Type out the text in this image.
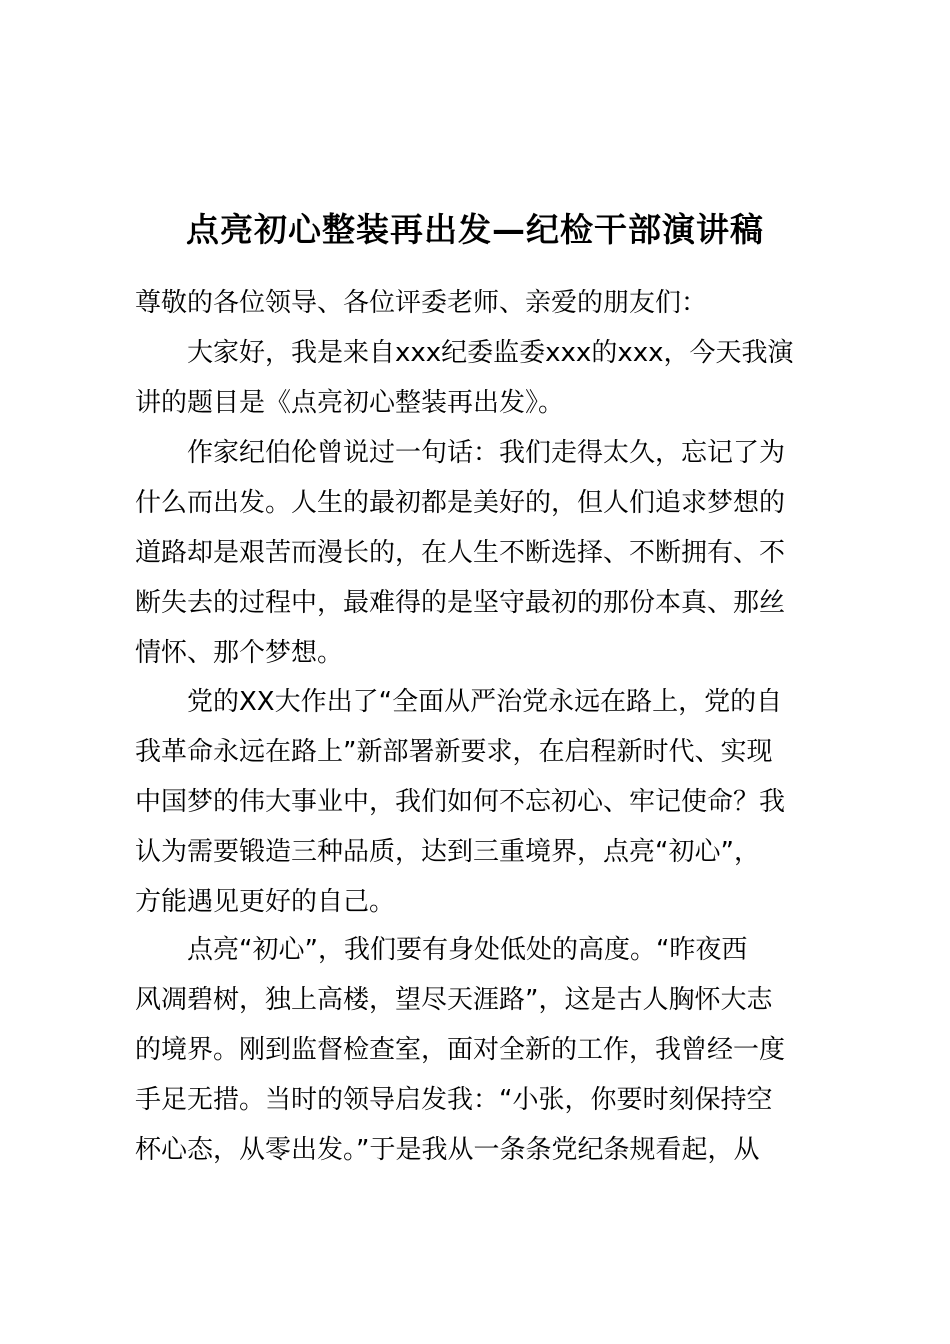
点亮初心整装再出发—纪检干部演讲稿
尊敬的各位领导、各位评委老师、亲爱的朋友们：
大家好，我是来自xxx纪委监委xxx的xxx，今天我演
讲的题目是《点亮初心整装再出发》。
作家纪伯伦曾说过一句话：我们走得太久，忘记了为
什么而出发。人生的最初都是美好的，但人们追求梦想的
道路却是艰苦而漫长的，在人生不断选择、不断拥有、不
断失去的过程中，最难得的是坚守最初的那份本真、那丝
情怀、那个梦想。
党的XX大作出了“全面从严治党永远在路上，党的自
我革命永远在路上”新部署新要求，在启程新时代、实现
中国梦的伟大事业中，我们如何不忘初心、牢记使命？我
认为需要锻造三种品质，达到三重境界，点亮“初心”，
方能遇见更好的自己。
点亮“初心”，我们要有身处低处的高度。“昨夜西
风凋碧树，独上高楼，望尽天涯路”，这是古人胸怀大志
的境界。刚到监督检查室，面对全新的工作，我曾经一度
手足无措。当时的领导启发我：“小张，你要时刻保持空
杯心态，从零出发。”于是我从一条条党纪条规看起，从
